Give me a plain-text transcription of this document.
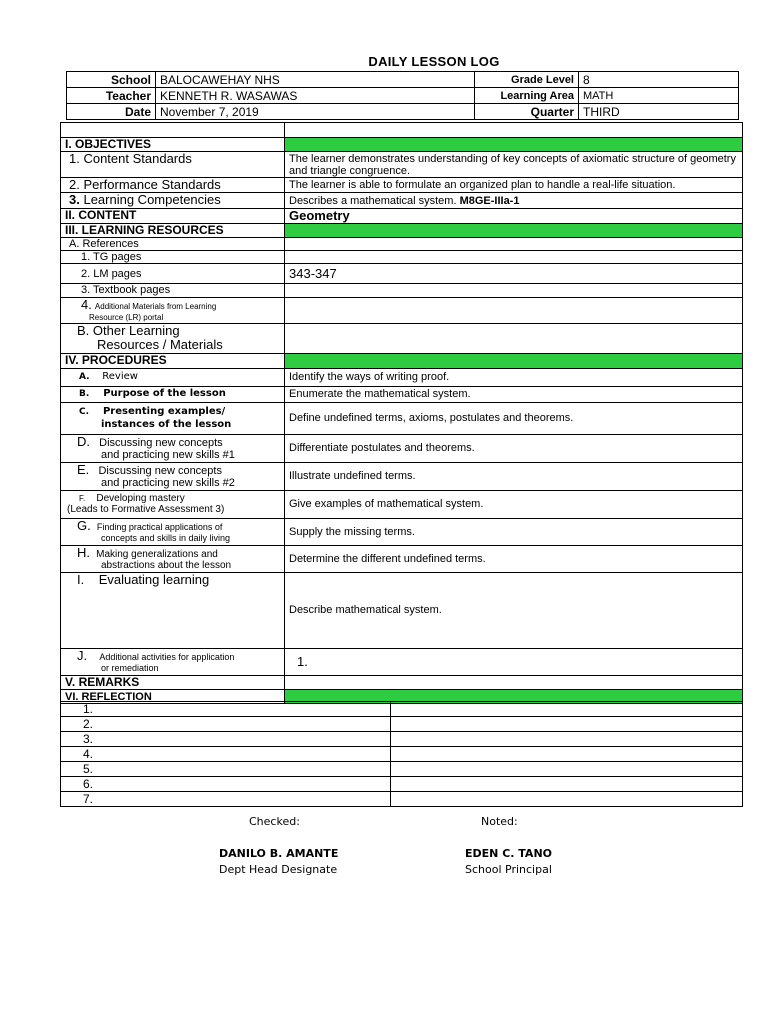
DAILY LESSON LOG
School	BALOCAWEHAY NHS	Grade Level	8
Teacher	KENNETH R. WASAWAS	Learning Area	MATH
Date	November 7, 2019	Quarter	THIRD

I. OBJECTIVES	
1. Content Standards	The learner demonstrates understanding of key concepts of axiomatic structure of geometry and triangle congruence.
2. Performance Standards	The learner is able to formulate an organized plan to handle a real-life situation.
3. Learning Competencies	Describes a mathematical system. M8GE-IIIa-1
II. CONTENT	Geometry
III. LEARNING RESOURCES	
A. References	
1. TG pages	
2. LM pages	343-347
3. Textbook pages	
4. Additional Materials from Learning
Resource (LR) portal	
B. Other Learning
Resources / Materials	
IV. PROCEDURES	
A. Review	Identify the ways of writing proof.
B. Purpose of the lesson	Enumerate the mathematical system.
C. Presenting examples/
instances of the lesson	Define undefined terms, axioms, postulates and theorems.
D. Discussing new concepts
and practicing new skills #1	Differentiate postulates and theorems.
E. Discussing new concepts
and practicing new skills #2	Illustrate undefined terms.
F. Developing mastery
(Leads to Formative Assessment 3)	Give examples of mathematical system.
G. Finding practical applications of
concepts and skills in daily living	Supply the missing terms.
H. Making generalizations and
abstractions about the lesson	Determine the different undefined terms.
I. Evaluating learning	Describe mathematical system.
J. Additional activities for application
or remediation	1.
V. REMARKS	
VI. REFLECTION	
1.	
2.	
3.	
4.	
5.	
6.	
7.	
Checked:	Noted:
DANILO B. AMANTE
Dept Head Designate
EDEN C. TANO
School Principal
